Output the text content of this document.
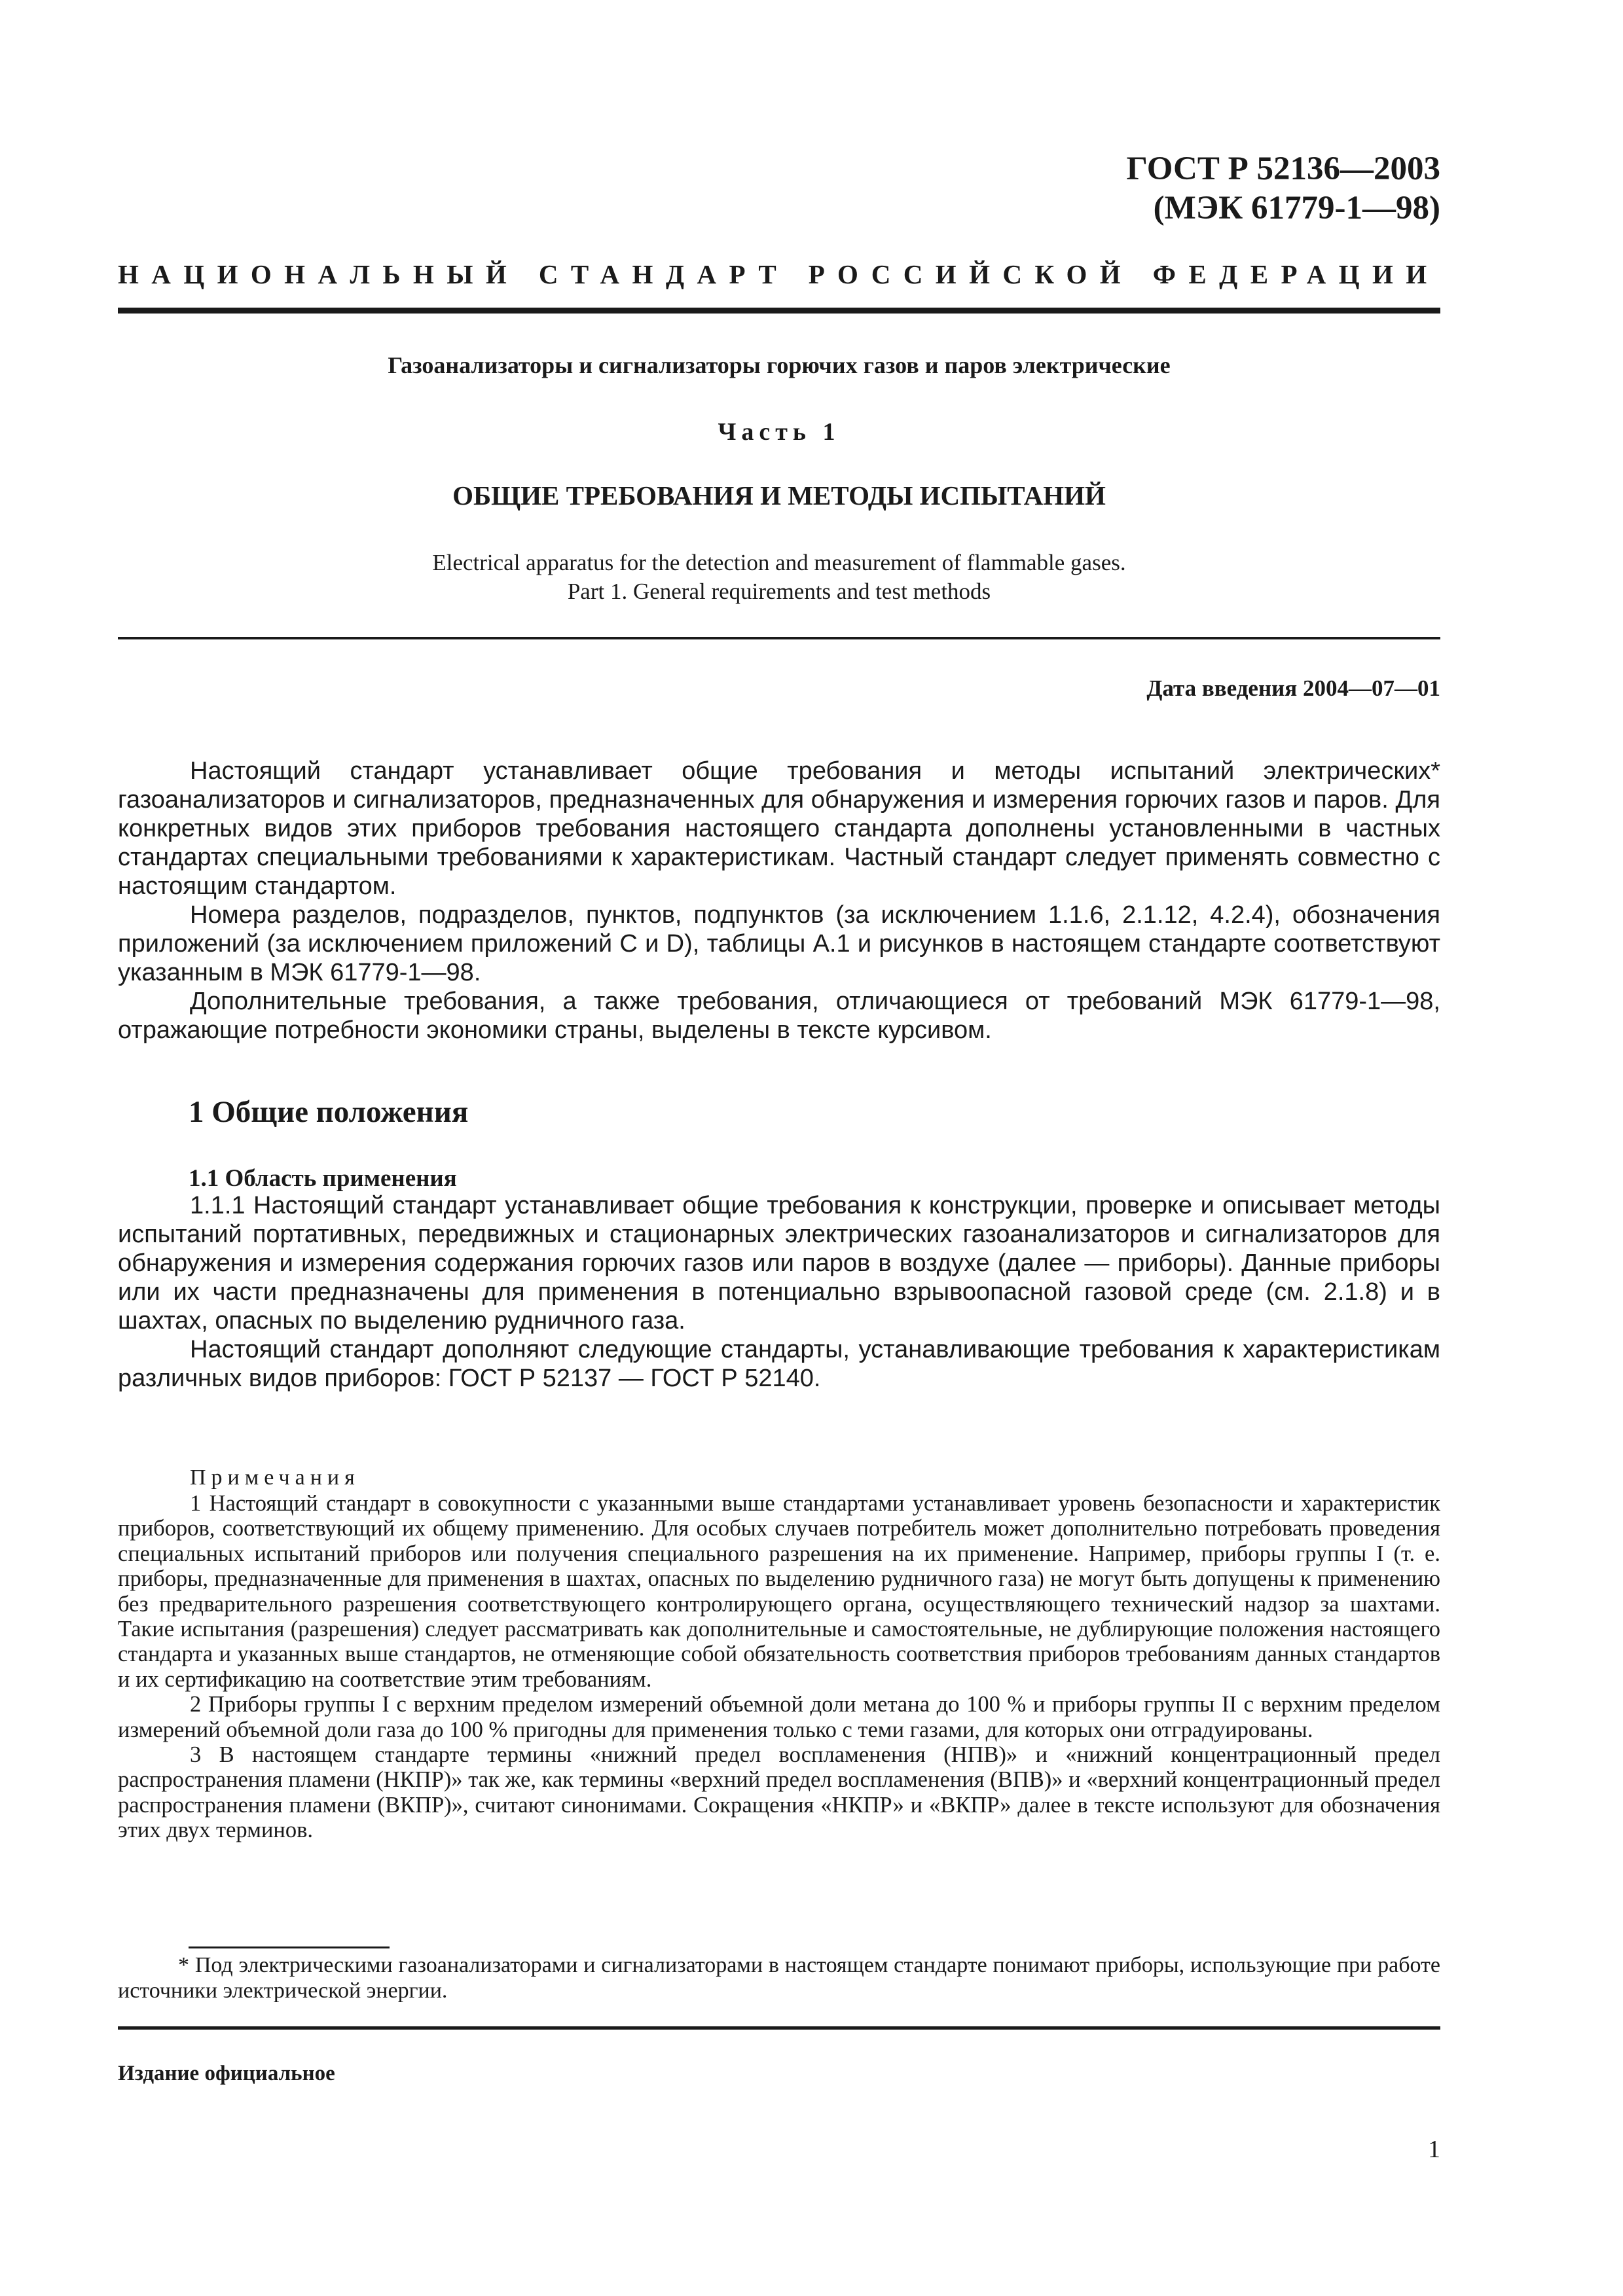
ГОСТ Р 52136—2003
(МЭК 61779-1—98)
НАЦИОНАЛЬНЫЙ СТАНДАРТ РОССИЙСКОЙ ФЕДЕРАЦИИ
Газоанализаторы и сигнализаторы горючих газов и паров электрические
Часть 1
ОБЩИЕ ТРЕБОВАНИЯ И МЕТОДЫ ИСПЫТАНИЙ
Electrical apparatus for the detection and measurement of flammable gases.
Part 1. General requirements and test methods
Дата введения 2004—07—01

Настоящий стандарт устанавливает общие требования и методы испытаний электрических* газоанализаторов и сигнализаторов, предназначенных для обнаружения и измерения горючих газов и паров. Для конкретных видов этих приборов требования настоящего стандарта дополнены установленными в частных стандартах специальными требованиями к характеристикам. Частный стандарт следует применять совместно с настоящим стандартом.

Номера разделов, подразделов, пунктов, подпунктов (за исключением 1.1.6, 2.1.12, 4.2.4), обозначения приложений (за исключением приложений С и D), таблицы А.1 и рисунков в настоящем стандарте соответствуют указанным в МЭК 61779-1—98.

Дополнительные требования, а также требования, отличающиеся от требований МЭК 61779-1—98, отражающие потребности экономики страны, выделены в тексте курсивом.

1 Общие положения
1.1 Область применения

1.1.1 Настоящий стандарт устанавливает общие требования к конструкции, проверке и описывает методы испытаний портативных, передвижных и стационарных электрических газоанализаторов и сигнализаторов для обнаружения и измерения содержания горючих газов или паров в воздухе (далее — приборы). Данные приборы или их части предназначены для применения в потенциально взрывоопасной газовой среде (см. 2.1.8) и в шахтах, опасных по выделению рудничного газа.

Настоящий стандарт дополняют следующие стандарты, устанавливающие требования к характеристикам различных видов приборов: ГОСТ Р 52137 — ГОСТ Р 52140.

Примечания

1 Настоящий стандарт в совокупности с указанными выше стандартами устанавливает уровень безопасности и характеристик приборов, соответствующий их общему применению. Для особых случаев потребитель может дополнительно потребовать проведения специальных испытаний приборов или получения специального разрешения на их применение. Например, приборы группы I (т. е. приборы, предназначенные для применения в шахтах, опасных по выделению рудничного газа) не могут быть допущены к применению без предварительного разрешения соответствующего контролирующего органа, осуществляющего технический надзор за шахтами. Такие испытания (разрешения) следует рассматривать как дополнительные и самостоятельные, не дублирующие положения настоящего стандарта и указанных выше стандартов, не отменяющие собой обязательность соответствия приборов требованиям данных стандартов и их сертификацию на соответствие этим требованиям.

2 Приборы группы I с верхним пределом измерений объемной доли метана до 100 % и приборы группы II с верхним пределом измерений объемной доли газа до 100 % пригодны для применения только с теми газами, для которых они отградуированы.

3 В настоящем стандарте термины «нижний предел воспламенения (НПВ)» и «нижний концентрационный предел распространения пламени (НКПР)» так же, как термины «верхний предел воспламенения (ВПВ)» и «верхний концентрационный предел распространения пламени (ВКПР)», считают синонимами. Сокращения «НКПР» и «ВКПР» далее в тексте используют для обозначения этих двух терминов.

* Под электрическими газоанализаторами и сигнализаторами в настоящем стандарте понимают приборы, использующие при работе источники электрической энергии.

Издание официальное
1
